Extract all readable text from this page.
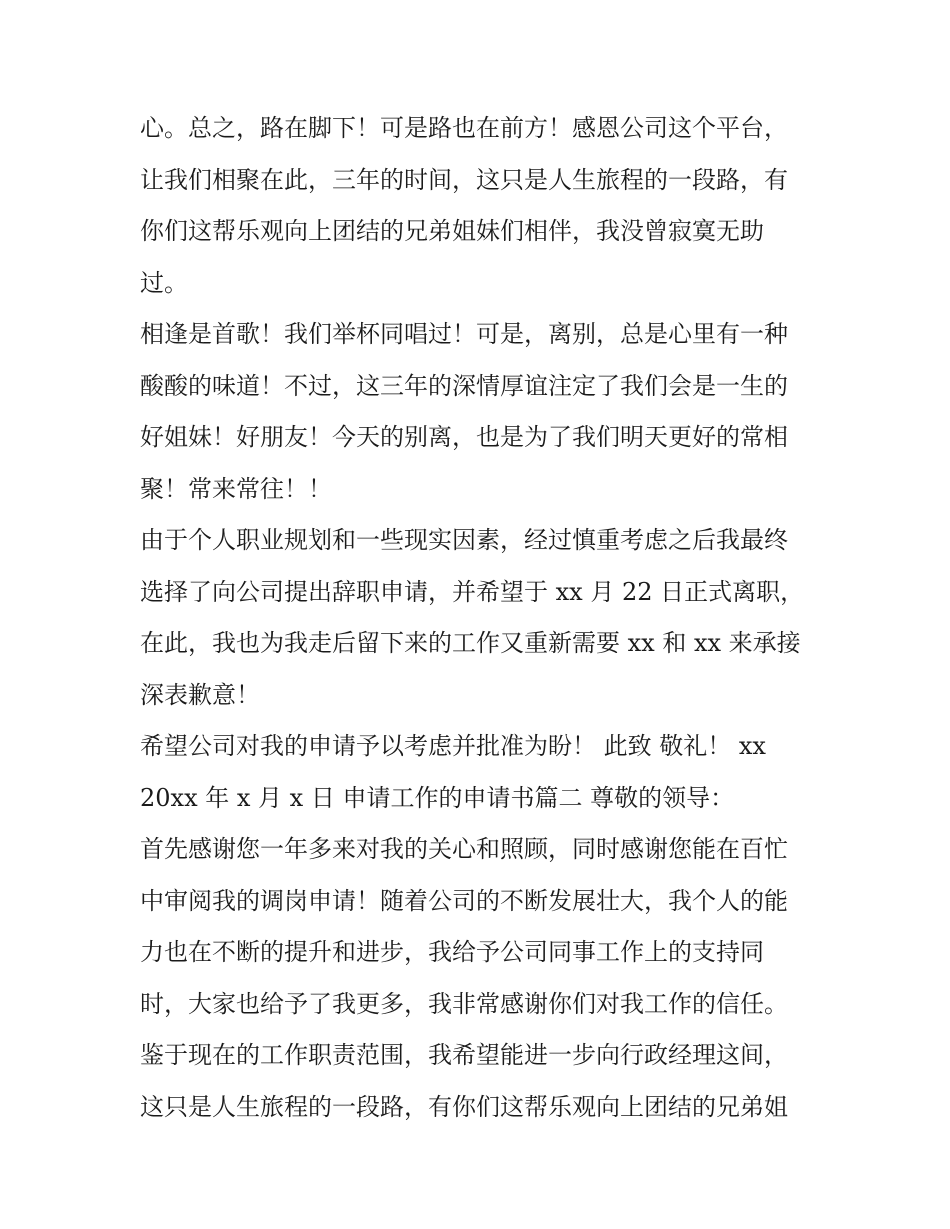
心。总之，路在脚下！可是路也在前方！感恩公司这个平台，
让我们相聚在此，三年的时间，这只是人生旅程的一段路，有
你们这帮乐观向上团结的兄弟姐妹们相伴，我没曾寂寞无助
过。
相逢是首歌！我们举杯同唱过！可是，离别，总是心里有一种
酸酸的味道！不过，这三年的深情厚谊注定了我们会是一生的
好姐妹！好朋友！今天的别离，也是为了我们明天更好的常相
聚！常来常往！！
由于个人职业规划和一些现实因素，经过慎重考虑之后我最终
选择了向公司提出辞职申请，并希望于 xx 月 22 日正式离职，
在此，我也为我走后留下来的工作又重新需要 xx 和 xx 来承接
深表歉意！
希望公司对我的申请予以考虑并批准为盼！ 此致 敬礼！ xx
20xx 年 x 月 x 日 申请工作的申请书篇二 尊敬的领导：
首先感谢您一年多来对我的关心和照顾，同时感谢您能在百忙
中审阅我的调岗申请！随着公司的不断发展壮大，我个人的能
力也在不断的提升和进步，我给予公司同事工作上的支持同
时，大家也给予了我更多，我非常感谢你们对我工作的信任。
鉴于现在的工作职责范围，我希望能进一步向行政经理这间，
这只是人生旅程的一段路，有你们这帮乐观向上团结的兄弟姐
